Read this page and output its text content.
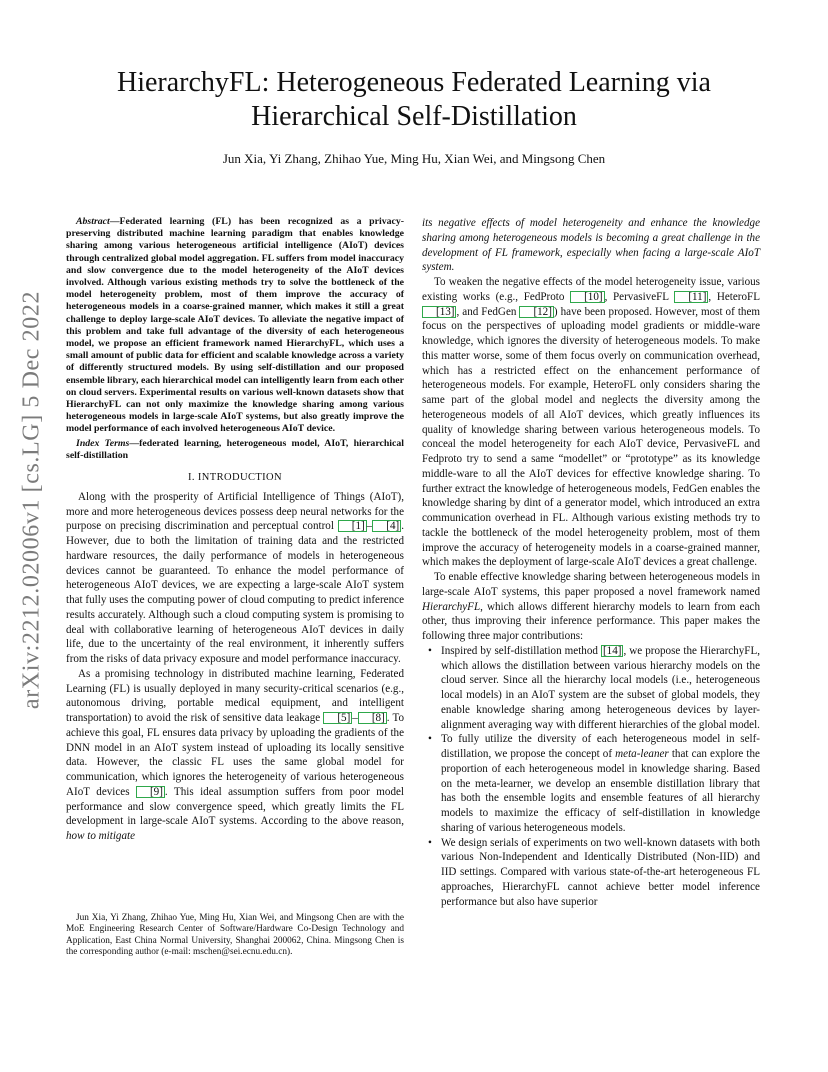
arXiv:2212.02006v1 [cs.LG] 5 Dec 2022
HierarchyFL: Heterogeneous Federated Learning via
Hierarchical Self-Distillation
Jun Xia, Yi Zhang, Zhihao Yue, Ming Hu, Xian Wei, and Mingsong Chen

Abstract—Federated learning (FL) has been recognized as a privacy-preserving distributed machine learning paradigm that enables knowledge sharing among various heterogeneous artificial intelligence (AIoT) devices through centralized global model aggregation. FL suffers from model inaccuracy and slow convergence due to the model heterogeneity of the AIoT devices involved. Although various existing methods try to solve the bottleneck of the model heterogeneity problem, most of them improve the accuracy of heterogeneous models in a coarse-grained manner, which makes it still a great challenge to deploy large-scale AIoT devices. To alleviate the negative impact of this problem and take full advantage of the diversity of each heterogeneous model, we propose an efficient framework named HierarchyFL, which uses a small amount of public data for efficient and scalable knowledge across a variety of differently structured models. By using self-distillation and our proposed ensemble library, each hierarchical model can intelligently learn from each other on cloud servers. Experimental results on various well-known datasets show that HierarchyFL can not only maximize the knowledge sharing among various heterogeneous models in large-scale AIoT systems, but also greatly improve the model performance of each involved heterogeneous AIoT device.

Index Terms—federated learning, heterogeneous model, AIoT, hierarchical self-distillation

I. INTRODUCTION

Along with the prosperity of Artificial Intelligence of Things (AIoT), more and more heterogeneous devices possess deep neural networks for the purpose on precising discrimination and perceptual control [1] – [4] . However, due to both the limitation of training data and the restricted hardware resources, the daily performance of models in heterogeneous devices cannot be guaranteed. To enhance the model performance of heterogeneous AIoT devices, we are expecting a large-scale AIoT system that fully uses the computing power of cloud computing to predict inference results accurately. Although such a cloud computing system is promising to deal with collaborative learning of heterogeneous AIoT devices in daily life, due to the uncertainty of the real environment, it inherently suffers from the risks of data privacy exposure and model performance inaccuracy.

As a promising technology in distributed machine learning, Federated Learning (FL) is usually deployed in many security-critical scenarios (e.g., autonomous driving, portable medical equipment, and intelligent transportation) to avoid the risk of sensitive data leakage [5] – [8] . To achieve this goal, FL ensures data privacy by uploading the gradients of the DNN model in an AIoT system instead of uploading its locally sensitive data. However, the classic FL uses the same global model for communication, which ignores the heterogeneity of various heterogeneous AIoT devices [9] . This ideal assumption suffers from poor model performance and slow convergence speed, which greatly limits the FL development in large-scale AIoT systems. According to the above reason, how to mitigate

Jun Xia, Yi Zhang, Zhihao Yue, Ming Hu, Xian Wei, and Mingsong Chen are with the MoE Engineering Research Center of Software/Hardware Co-Design Technology and Application, East China Normal University, Shanghai 200062, China. Mingsong Chen is the corresponding author (e-mail: mschen@sei.ecnu.edu.cn).

its negative effects of model heterogeneity and enhance the knowledge sharing among heterogeneous models is becoming a great challenge in the development of FL framework, especially when facing a large-scale AIoT system.

To weaken the negative effects of the model heterogeneity issue, various existing works (e.g., FedProto [10] , PervasiveFL [11] , HeteroFL [13] , and FedGen [12] ) have been proposed. However, most of them focus on the perspectives of uploading model gradients or middle-ware knowledge, which ignores the diversity of heterogeneous models. To make this matter worse, some of them focus overly on communication overhead, which has a restricted effect on the enhancement performance of heterogeneous models. For example, HeteroFL only considers sharing the same part of the global model and neglects the diversity among the heterogeneous models of all AIoT devices, which greatly influences its quality of knowledge sharing between various heterogeneous models. To conceal the model heterogeneity for each AIoT device, PervasiveFL and Fedproto try to send a same “modellet” or “prototype” as its knowledge middle-ware to all the AIoT devices for effective knowledge sharing. To further extract the knowledge of heterogeneous models, FedGen enables the knowledge sharing by dint of a generator model, which introduced an extra communication overhead in FL. Although various existing methods try to tackle the bottleneck of the model heterogeneity problem, most of them improve the accuracy of heterogeneity models in a coarse-grained manner, which makes the deployment of large-scale AIoT devices a great challenge.

To enable effective knowledge sharing between heterogeneous models in large-scale AIoT systems, this paper proposed a novel framework named HierarchyFL, which allows different hierarchy models to learn from each other, thus improving their inference performance. This paper makes the following three major contributions:

• Inspired by self-distillation method [14] , we propose the HierarchyFL, which allows the distillation between various hierarchy models on the cloud server. Since all the hierarchy local models (i.e., heterogeneous local models) in an AIoT system are the subset of global models, they enable knowledge sharing among heterogeneous devices by layer-alignment averaging way with different hierarchies of the global model.
• To fully utilize the diversity of each heterogeneous model in self-distillation, we propose the concept of meta-leaner that can explore the proportion of each heterogeneous model in knowledge sharing. Based on the meta-learner, we develop an ensemble distillation library that has both the ensemble logits and ensemble features of all hierarchy models to maximize the efficacy of self-distillation in knowledge sharing of various heterogeneous models.
• We design serials of experiments on two well-known datasets with both various Non-Independent and Identically Distributed (Non-IID) and IID settings. Compared with various state-of-the-art heterogeneous FL approaches, HierarchyFL cannot achieve better model inference performance but also have superior
